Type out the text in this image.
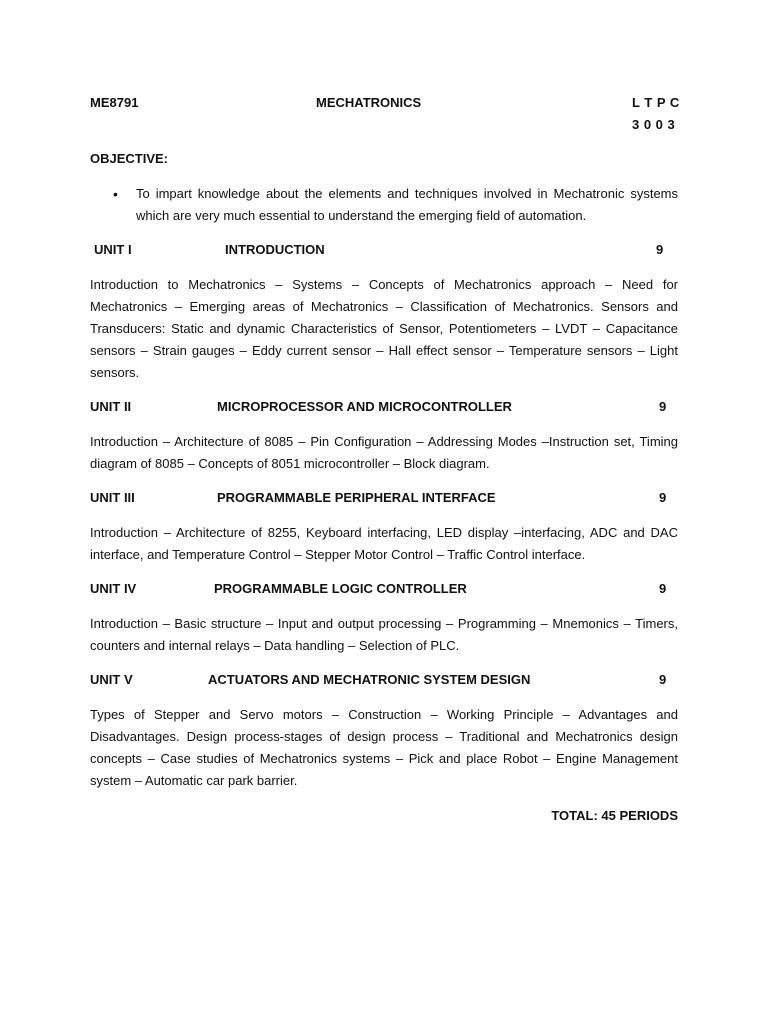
ME8791	MECHATRONICS	L T P C
3 0 0 3
OBJECTIVE:
• To impart knowledge about the elements and techniques involved in Mechatronic systems which are very much essential to understand the emerging field of automation.
UNIT I	INTRODUCTION	9
Introduction to Mechatronics – Systems – Concepts of Mechatronics approach – Need for Mechatronics – Emerging areas of Mechatronics – Classification of Mechatronics. Sensors and Transducers: Static and dynamic Characteristics of Sensor, Potentiometers – LVDT – Capacitance sensors – Strain gauges – Eddy current sensor – Hall effect sensor – Temperature sensors – Light sensors.
UNIT II	MICROPROCESSOR AND MICROCONTROLLER	9
Introduction – Architecture of 8085 – Pin Configuration – Addressing Modes –Instruction set, Timing diagram of 8085 – Concepts of 8051 microcontroller – Block diagram.
UNIT III	PROGRAMMABLE PERIPHERAL INTERFACE	9
Introduction – Architecture of 8255, Keyboard interfacing, LED display –interfacing, ADC and DAC interface, and Temperature Control – Stepper Motor Control – Traffic Control interface.
UNIT IV	PROGRAMMABLE LOGIC CONTROLLER	9
Introduction – Basic structure – Input and output processing – Programming – Mnemonics – Timers, counters and internal relays – Data handling – Selection of PLC.
UNIT V	ACTUATORS AND MECHATRONIC SYSTEM DESIGN	9
Types of Stepper and Servo motors – Construction – Working Principle – Advantages and Disadvantages. Design process-stages of design process – Traditional and Mechatronics design concepts – Case studies of Mechatronics systems – Pick and place Robot – Engine Management system – Automatic car park barrier.
TOTAL: 45 PERIODS
